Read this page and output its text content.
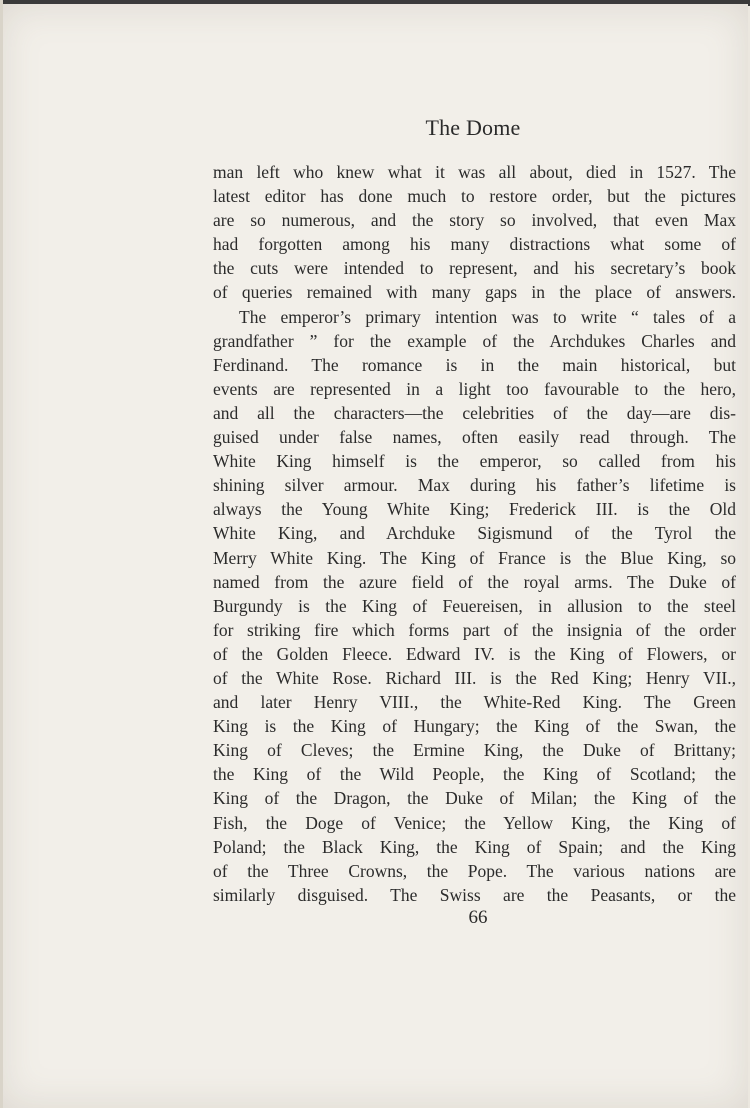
The Dome
man left who knew what it was all about, died in 1527. The
latest editor has done much to restore order, but the pictures
are so numerous, and the story so involved, that even Max
had forgotten among his many distractions what some of
the cuts were intended to represent, and his secretary’s book
of queries remained with many gaps in the place of answers.
The emperor’s primary intention was to write “ tales of a
grandfather ” for the example of the Archdukes Charles and
Ferdinand. The romance is in the main historical, but
events are represented in a light too favourable to the hero,
and all the characters—the celebrities of the day—are dis-
guised under false names, often easily read through. The
White King himself is the emperor, so called from his
shining silver armour. Max during his father’s lifetime is
always the Young White King; Frederick III. is the Old
White King, and Archduke Sigismund of the Tyrol the
Merry White King. The King of France is the Blue King, so
named from the azure field of the royal arms. The Duke of
Burgundy is the King of Feuereisen, in allusion to the steel
for striking fire which forms part of the insignia of the order
of the Golden Fleece. Edward IV. is the King of Flowers, or
of the White Rose. Richard III. is the Red King; Henry VII.,
and later Henry VIII., the White-Red King. The Green
King is the King of Hungary; the King of the Swan, the
King of Cleves; the Ermine King, the Duke of Brittany;
the King of the Wild People, the King of Scotland; the
King of the Dragon, the Duke of Milan; the King of the
Fish, the Doge of Venice; the Yellow King, the King of
Poland; the Black King, the King of Spain; and the King
of the Three Crowns, the Pope. The various nations are
similarly disguised. The Swiss are the Peasants, or the
66
